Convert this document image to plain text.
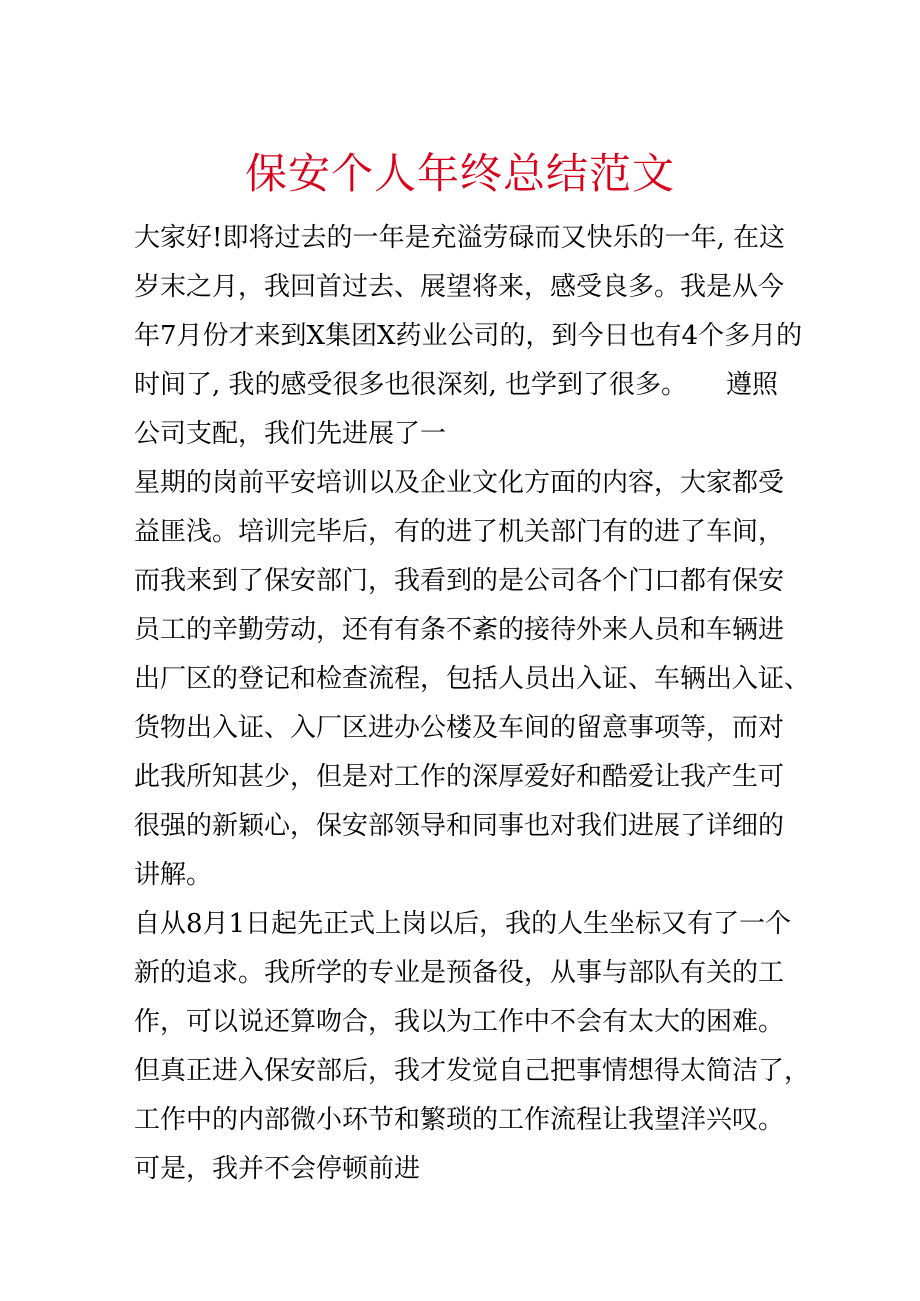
保安个人年终总结范文

大家好!即将过去的一年是充溢劳碌而又快乐的一年, 在这

岁末之月，我回首过去、展望将来，感受良多。我是从今

年7月份才来到X集团X药业公司的，到今日也有4个多月的

时间了, 我的感受很多也很深刻, 也学到了很多。　　遵照

公司支配，我们先进展了一

星期的岗前平安培训以及企业文化方面的内容，大家都受

益匪浅。培训完毕后，有的进了机关部门有的进了车间，

而我来到了保安部门，我看到的是公司各个门口都有保安

员工的辛勤劳动，还有有条不紊的接待外来人员和车辆进

出厂区的登记和检查流程，包括人员出入证、车辆出入证、

货物出入证、入厂区进办公楼及车间的留意事项等，而对

此我所知甚少，但是对工作的深厚爱好和酷爱让我产生可

很强的新颖心，保安部领导和同事也对我们进展了详细的

讲解。

自从8月1日起先正式上岗以后，我的人生坐标又有了一个

新的追求。我所学的专业是预备役，从事与部队有关的工

作，可以说还算吻合，我以为工作中不会有太大的困难。

但真正进入保安部后，我才发觉自己把事情想得太简洁了，

工作中的内部微小环节和繁琐的工作流程让我望洋兴叹。

可是，我并不会停顿前进
